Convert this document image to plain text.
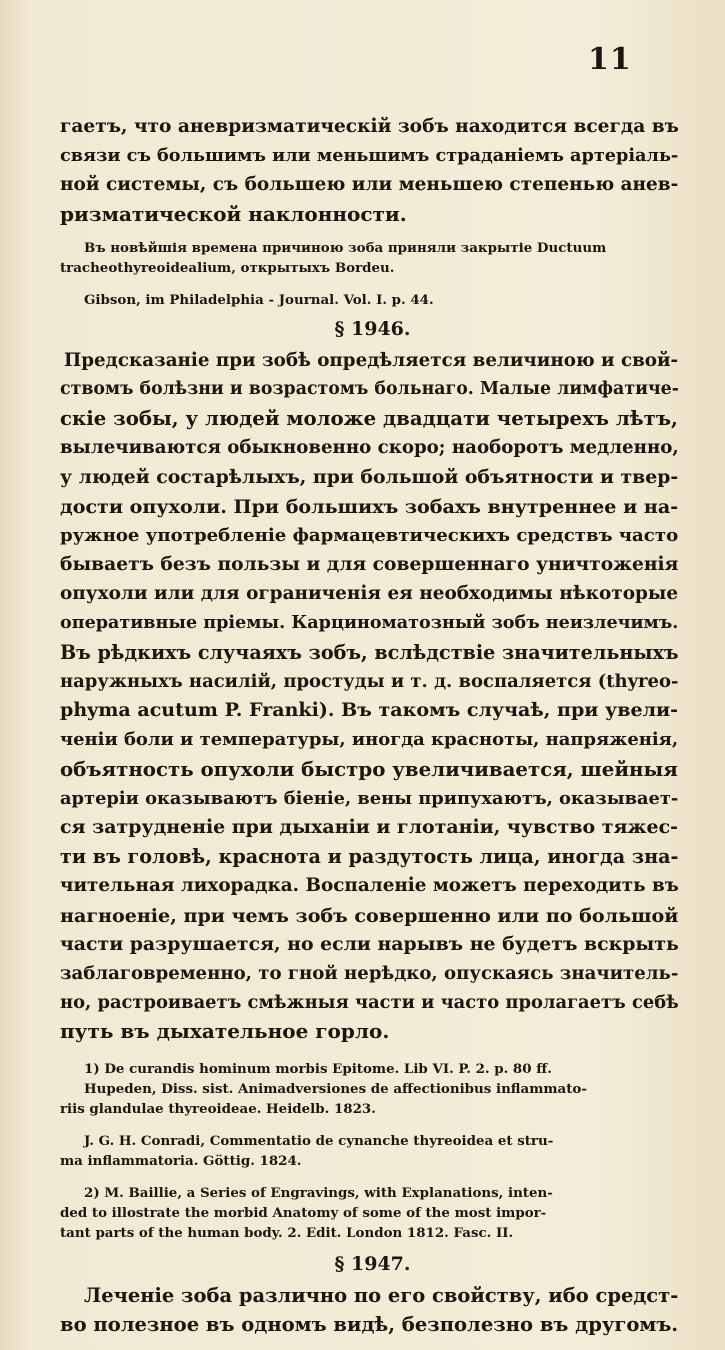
11

гаетъ, что аневризматическій зобъ находится всегда въ
связи съ большимъ или меньшимъ страданіемъ артеріаль-
ной системы, съ большею или меньшею степенью анев-
ризматической наклонности.

Въ новѣйшія времена причиною зоба приняли закрытіе Ductuum
tracheothyreoidealium, открытыхъ Bordeu.

Gibson, im Philadelphia - Journal. Vol. I. p. 44.

§ 1946.

Предсказаніе при зобѣ опредѣляется величиною и свой-
ствомъ болѣзни и возрастомъ больнаго. Малые лимфатиче-
скіе зобы, у людей моложе двадцати четырехъ лѣтъ,
вылечиваются обыкновенно скоро; наоборотъ медленно,
у людей состарѣлыхъ, при большой объятности и твер-
дости опухоли. При большихъ зобахъ внутреннее и на-
ружное употребленіе фармацевтическихъ средствъ часто
бываетъ безъ пользы и для совершеннаго уничтоженія
опухоли или для ограниченія ея необходимы нѣкоторые
оперативные пріемы. Карциноматозный зобъ неизлечимъ.
Въ рѣдкихъ случаяхъ зобъ, вслѣдствіе значительныхъ
наружныхъ насилій, простуды и т. д. воспаляется (thyreo-
phyma acutum P. Franki). Въ такомъ случаѣ, при увели-
ченіи боли и температуры, иногда красноты, напряженія,
объятность опухоли быстро увеличивается, шейныя
артеріи оказываютъ біеніе, вены припухаютъ, оказывает-
ся затрудненіе при дыханіи и глотаніи, чувство тяжес-
ти въ головѣ, краснота и раздутость лица, иногда зна-
чительная лихорадка. Воспаленіе можетъ переходить въ
нагноеніе, при чемъ зобъ совершенно или по большой
части разрушается, но если нарывъ не будетъ вскрыть
заблаговременно, то гной нерѣдко, опускаясь значитель-
но, растроиваетъ смѣжныя части и часто пролагаетъ себѣ
путь въ дыхательное горло.

1) De curandis hominum morbis Epitome. Lib VI. P. 2. p. 80 ff.
Hupeden, Diss. sist. Animadversiones de affectionibus inflammato-
riis glandulae thyreoideae. Heidelb. 1823.

J. G. H. Conradi, Commentatio de cynanche thyreoidea et stru-
ma inflammatoria. Göttig. 1824.

2) M. Baillie, a Series of Engravings, with Explanations, inten-
ded to illostrate the morbid Anatomy of some of the most impor-
tant parts of the human body. 2. Edit. London 1812. Fasc. II.

§ 1947.

Леченіе зоба различно по его свойству, ибо средст-
во полезное въ одномъ видѣ, безполезно въ другомъ.
